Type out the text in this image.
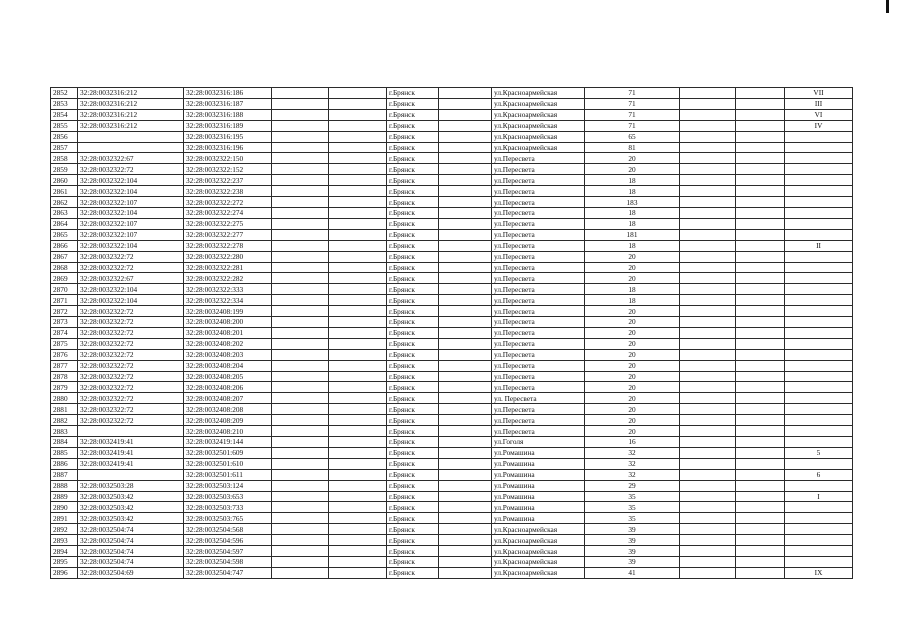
2852	32:28:0032316:212	32:28:0032316:186			г.Брянск		ул.Красноармейская	71			VII
2853	32:28:0032316:212	32:28:0032316:187			г.Брянск		ул.Красноармейская	71			III
2854	32:28:0032316:212	32:28:0032316:188			г.Брянск		ул.Красноармейская	71			VI
2855	32:28:0032316:212	32:28:0032316:189			г.Брянск		ул.Красноармейская	71			IV
2856		32:28:0032316:195			г.Брянск		ул.Красноармейская	65			
2857		32:28:0032316:196			г.Брянск		ул.Красноармейская	81			
2858	32:28:0032322:67	32:28:0032322:150			г.Брянск		ул.Пересвета	20			
2859	32:28:0032322:72	32:28:0032322:152			г.Брянск		ул.Пересвета	20			
2860	32:28:0032322:104	32:28:0032322:237			г.Брянск		ул.Пересвета	18			
2861	32:28:0032322:104	32:28:0032322:238			г.Брянск		ул.Пересвета	18			
2862	32:28:0032322:107	32:28:0032322:272			г.Брянск		ул.Пересвета	183			
2863	32:28:0032322:104	32:28:0032322:274			г.Брянск		ул.Пересвета	18			
2864	32:28:0032322:107	32:28:0032322:275			г.Брянск		ул.Пересвета	18			
2865	32:28:0032322:107	32:28:0032322:277			г.Брянск		ул.Пересвета	181			
2866	32:28:0032322:104	32:28:0032322:278			г.Брянск		ул.Пересвета	18			II
2867	32:28:0032322:72	32:28:0032322:280			г.Брянск		ул.Пересвета	20			
2868	32:28:0032322:72	32:28:0032322:281			г.Брянск		ул.Пересвета	20			
2869	32:28:0032322:67	32:28:0032322:282			г.Брянск		ул.Пересвета	20			
2870	32:28:0032322:104	32:28:0032322:333			г.Брянск		ул.Пересвета	18			
2871	32:28:0032322:104	32:28:0032322:334			г.Брянск		ул.Пересвета	18			
2872	32:28:0032322:72	32:28:0032408:199			г.Брянск		ул.Пересвета	20			
2873	32:28:0032322:72	32:28:0032408:200			г.Брянск		ул.Пересвета	20			
2874	32:28:0032322:72	32:28:0032408:201			г.Брянск		ул.Пересвета	20			
2875	32:28:0032322:72	32:28:0032408:202			г.Брянск		ул.Пересвета	20			
2876	32:28:0032322:72	32:28:0032408:203			г.Брянск		ул.Пересвета	20			
2877	32:28:0032322:72	32:28:0032408:204			г.Брянск		ул.Пересвета	20			
2878	32:28:0032322:72	32:28:0032408:205			г.Брянск		ул.Пересвета	20			
2879	32:28:0032322:72	32:28:0032408:206			г.Брянск		ул.Пересвета	20			
2880	32:28:0032322:72	32:28:0032408:207			г.Брянск		ул. Пересвета	20			
2881	32:28:0032322:72	32:28:0032408:208			г.Брянск		ул.Пересвета	20			
2882	32:28:0032322:72	32:28:0032408:209			г.Брянск		ул.Пересвета	20			
2883		32:28:0032408:210			г.Брянск		ул.Пересвета	20			
2884	32:28:0032419:41	32:28:0032419:144			г.Брянск		ул.Гоголя	16			
2885	32:28:0032419:41	32:28:0032501:609			г.Брянск		ул.Ромашина	32			5
2886	32:28:0032419:41	32:28:0032501:610			г.Брянск		ул.Ромашина	32			
2887		32:28:0032501:611			г.Брянск		ул.Ромашина	32			6
2888	32:28:0032503:28	32:28:0032503:124			г.Брянск		ул.Ромашина	29			
2889	32:28:0032503:42	32:28:0032503:653			г.Брянск		ул.Ромашина	35			I
2890	32:28:0032503:42	32:28:0032503:733			г.Брянск		ул.Ромашина	35			
2891	32:28:0032503:42	32:28:0032503:765			г.Брянск		ул.Ромашина	35			
2892	32:28:0032504:74	32:28:0032504:568			г.Брянск		ул.Красноармейская	39			
2893	32:28:0032504:74	32:28:0032504:596			г.Брянск		ул.Красноармейская	39			
2894	32:28:0032504:74	32:28:0032504:597			г.Брянск		ул.Красноармейская	39			
2895	32:28:0032504:74	32:28:0032504:598			г.Брянск		ул.Красноармейская	39			
2896	32:28:0032504:69	32:28:0032504:747			г.Брянск		ул.Красноармейская	41			IX
